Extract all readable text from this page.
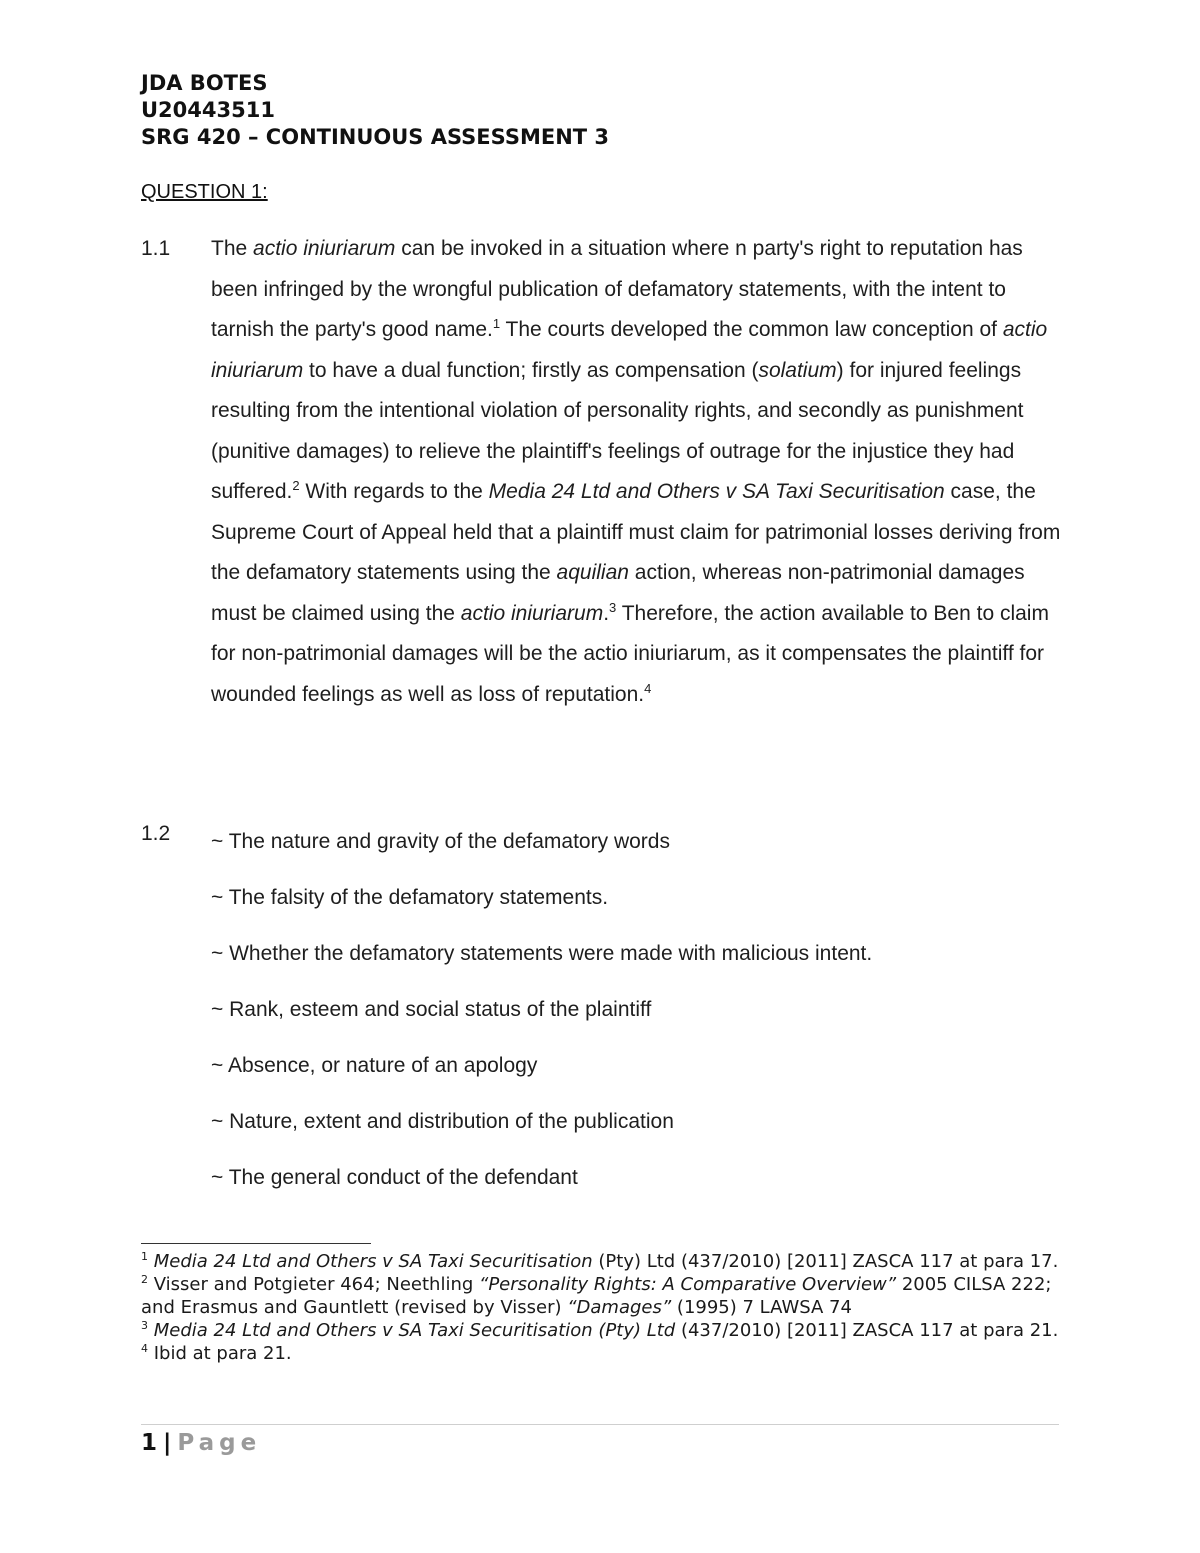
JDA BOTES
U20443511
SRG 420 – CONTINUOUS ASSESSMENT 3
QUESTION 1:
1.1	The actio iniuriarum can be invoked in a situation where n party's right to reputation has been infringed by the wrongful publication of defamatory statements, with the intent to tarnish the party's good name.$^1$ The courts developed the common law conception of actio iniuriarum to have a dual function; firstly as compensation (solatium) for injured feelings resulting from the intentional violation of personality rights, and secondly as punishment (punitive damages) to relieve the plaintiff's feelings of outrage for the injustice they had suffered.$^2$ With regards to the Media 24 Ltd and Others v SA Taxi Securitisation case, the Supreme Court of Appeal held that a plaintiff must claim for patrimonial losses deriving from the defamatory statements using the aquilian action, whereas non-patrimonial damages must be claimed using the actio iniuriarum.$^3$ Therefore, the action available to Ben to claim for non-patrimonial damages will be the actio iniuriarum, as it compensates the plaintiff for wounded feelings as well as loss of reputation.$^4$
1.2	~ The nature and gravity of the defamatory words
~ The falsity of the defamatory statements.
~ Whether the defamatory statements were made with malicious intent.
~ Rank, esteem and social status of the plaintiff
~ Absence, or nature of an apology
~ Nature, extent and distribution of the publication
~ The general conduct of the defendant
$^1$ Media 24 Ltd and Others v SA Taxi Securitisation (Pty) Ltd (437/2010) [2011] ZASCA 117 at para 17.
$^2$ Visser and Potgieter 464; Neethling “Personality Rights: A Comparative Overview” 2005 CILSA 222; and Erasmus and Gauntlett (revised by Visser) “Damages” (1995) 7 LAWSA 74
$^3$ Media 24 Ltd and Others v SA Taxi Securitisation (Pty) Ltd (437/2010) [2011] ZASCA 117 at para 21.
$^4$ Ibid at para 21.
1 | Page
